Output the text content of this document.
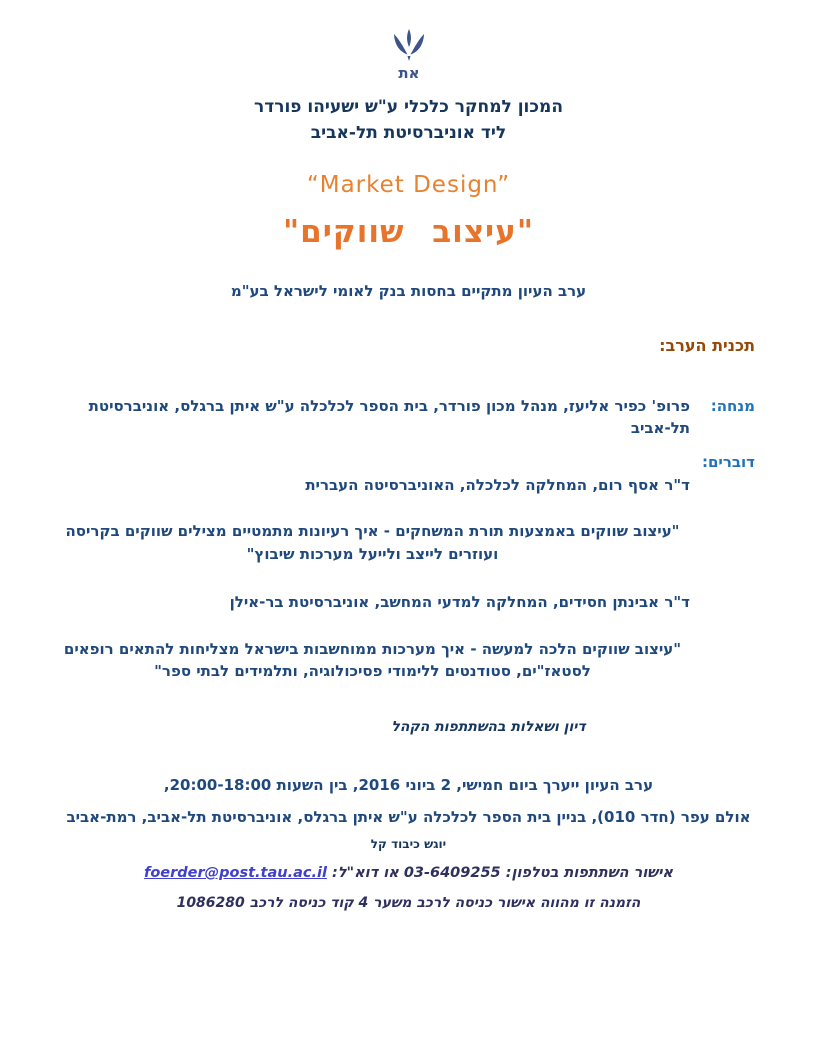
את

המכון למחקר כלכלי ע"ש ישעיהו פורדר

ליד אוניברסיטת תל-אביב

“Market Design”

"עיצוב שווקים"

ערב העיון מתקיים בחסות בנק לאומי לישראל בע"מ

תכנית הערב:

מנחה:
דוברים:

פרופ' כפיר אליעז, מנהל מכון פורדר, בית הספר לכלכלה ע"ש איתן ברגלס, אוניברסיטת תל-אביב

ד"ר אסף רום, המחלקה לכלכלה, האוניברסיטה העברית

"עיצוב שווקים באמצעות תורת המשחקים - איך רעיונות מתמטיים מצילים שווקים בקריסה ועוזרים לייצב ולייעל מערכות שיבוץ"

ד"ר אבינתן חסידים, המחלקה למדעי המחשב, אוניברסיטת בר-אילן

"עיצוב שווקים הלכה למעשה - איך מערכות ממוחשבות בישראל מצליחות להתאים רופאים לסטאז"ים, סטודנטים ללימודי פסיכולוגיה, ותלמידים לבתי ספר"

דיון ושאלות בהשתתפות הקהל

ערב העיון ייערך ביום חמישי, 2 ביוני 2016, בין השעות 20:00-18:00,

אולם עפר (חדר 010), בניין בית הספר לכלכלה ע"ש איתן ברגלס, אוניברסיטת תל-אביב, רמת-אביב

יוגש כיבוד קל

אישור השתתפות בטלפון: 03-6409255 או דוא"ל: foerder@post.tau.ac.il

הזמנה זו מהווה אישור כניסה לרכב משער 4 קוד כניסה לרכב 1086280
